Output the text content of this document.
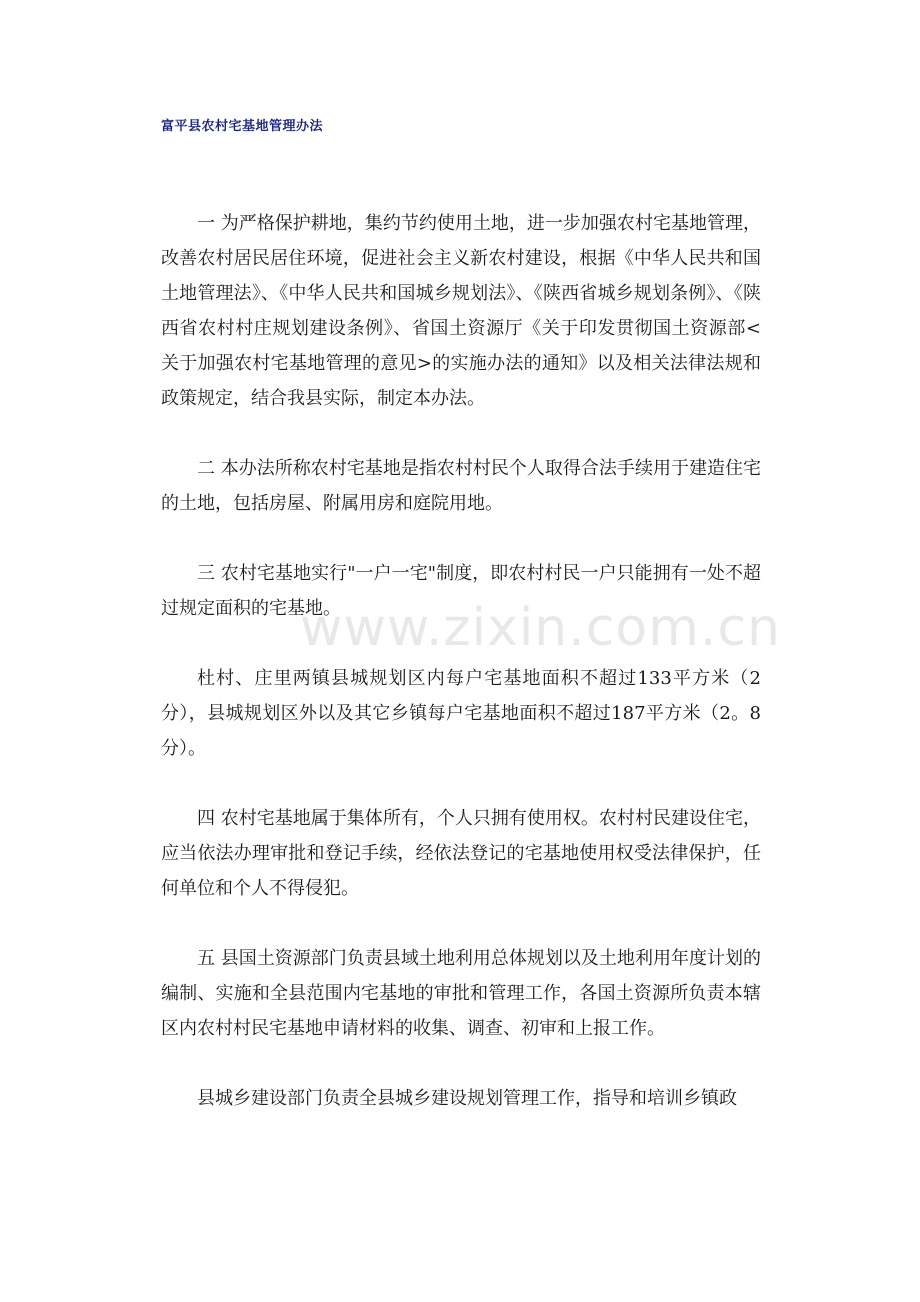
富平县农村宅基地管理办法

一 为严格保护耕地，集约节约使用土地，进一步加强农村宅基地管理，改善农村居民居住环境，促进社会主义新农村建设，根据《中华人民共和国土地管理法》、《中华人民共和国城乡规划法》、《陕西省城乡规划条例》、《陕西省农村村庄规划建设条例》、省国土资源厅《关于印发贯彻国土资源部<关于加强农村宅基地管理的意见>的实施办法的通知》以及相关法律法规和政策规定，结合我县实际，制定本办法。

二 本办法所称农村宅基地是指农村村民个人取得合法手续用于建造住宅的土地，包括房屋、附属用房和庭院用地。

三 农村宅基地实行"一户一宅"制度，即农村村民一户只能拥有一处不超过规定面积的宅基地。

杜村、庄里两镇县城规划区内每户宅基地面积不超过133平方米（2分），县城规划区外以及其它乡镇每户宅基地面积不超过187平方米（2。8分）。

四 农村宅基地属于集体所有，个人只拥有使用权。农村村民建设住宅，应当依法办理审批和登记手续，经依法登记的宅基地使用权受法律保护，任何单位和个人不得侵犯。

五 县国土资源部门负责县域土地利用总体规划以及土地利用年度计划的编制、实施和全县范围内宅基地的审批和管理工作，各国土资源所负责本辖区内农村村民宅基地申请材料的收集、调查、初审和上报工作。

县城乡建设部门负责全县城乡建设规划管理工作，指导和培训乡镇政

www.zixin.com.cn
